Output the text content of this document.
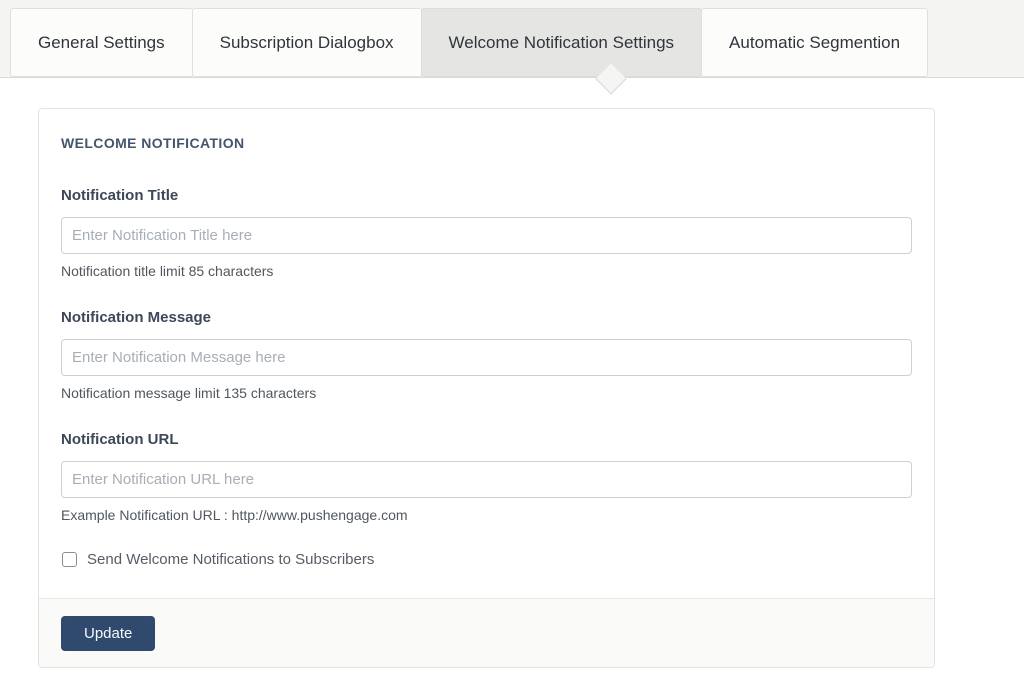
General Settings	Subscription Dialogbox	Welcome Notification Settings	Automatic Segmention
WELCOME NOTIFICATION
Notification Title
Enter Notification Title here
Notification title limit 85 characters
Notification Message
Enter Notification Message here
Notification message limit 135 characters
Notification URL
Enter Notification URL here
Example Notification URL : http://www.pushengage.com
Send Welcome Notifications to Subscribers
Update
